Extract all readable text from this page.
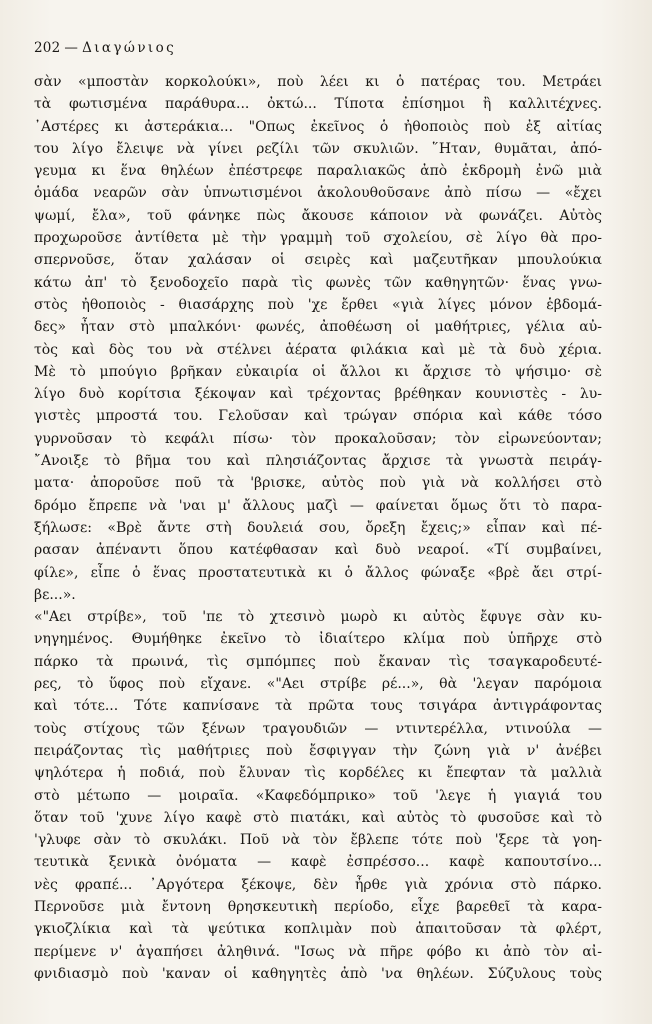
202 — Διαγώνιος
σὰν «μποστὰν κορκολούκι», ποὺ λέει κι ὁ πατέρας του. Μετράει
τὰ φωτισμένα παράθυρα... ὀκτώ... Τίποτα ἐπίσημοι ἢ καλλιτέχνες.
᾿Αστέρες κι ἀστεράκια... "Οπως ἐκεῖνος ὁ ἠθοποιὸς ποὺ ἐξ αἰτίας
του λίγο ἔλειψε νὰ γίνει ρεζίλι τῶν σκυλιῶν. ῞Ηταν, θυμᾶται, ἀπό-
γευμα κι ἕνα θηλέων ἐπέστρεφε παραλιακῶς ἀπὸ ἐκδρομὴ ἐνῶ μιὰ
ὁμάδα νεαρῶν σὰν ὑπνωτισμένοι ἀκολουθοῦσανε ἀπὸ πίσω — «ἔχει
ψωμί, ἔλα», τοῦ φάνηκε πὼς ἄκουσε κάποιον νὰ φωνάζει. Αὐτὸς
προχωροῦσε ἀντίθετα μὲ τὴν γραμμὴ τοῦ σχολείου, σὲ λίγο θὰ προ-
σπερνοῦσε, ὅταν χαλάσαν οἱ σειρὲς καὶ μαζευτῆκαν μπουλούκια
κάτω ἀπ' τὸ ξενοδοχεῖο παρὰ τὶς φωνὲς τῶν καθηγητῶν· ἕνας γνω-
στὸς ἠθοποιὸς - θιασάρχης ποὺ 'χε ἔρθει «γιὰ λίγες μόνον ἑβδομά-
δες» ἦταν στὸ μπαλκόνι· φωνές, ἀποθέωση οἱ μαθήτριες, γέλια αὐ-
τὸς καὶ δὸς του νὰ στέλνει ἀέρατα φιλάκια καὶ μὲ τὰ δυὸ χέρια.
Μὲ τὸ μπούγιο βρῆκαν εὐκαιρία οἱ ἄλλοι κι ἄρχισε τὸ ψήσιμο· σὲ
λίγο δυὸ κορίτσια ξέκοψαν καὶ τρέχοντας βρέθηκαν κουνιστὲς - λυ-
γιστὲς μπροστά του. Γελοῦσαν καὶ τρώγαν σπόρια καὶ κάθε τόσο
γυρνοῦσαν τὸ κεφάλι πίσω· τὸν προκαλοῦσαν; τὸν εἰρωνεύονταν;
῎Ανοιξε τὸ βῆμα του καὶ πλησιάζοντας ἄρχισε τὰ γνωστὰ πειράγ-
ματα· ἀποροῦσε ποῦ τὰ 'βρισκε, αὐτὸς ποὺ γιὰ νὰ κολλήσει στὸ
δρόμο ἔπρεπε νὰ 'ναι μ' ἄλλους μαζὶ — φαίνεται ὅμως ὅτι τὸ παρα-
ξήλωσε: «Βρὲ ἄντε στὴ δουλειά σου, ὄρεξη ἔχεις;» εἶπαν καὶ πέ-
ρασαν ἀπέναντι ὅπου κατέφθασαν καὶ δυὸ νεαροί. «Τί συμβαίνει,
φίλε», εἶπε ὁ ἕνας προστατευτικὰ κι ὁ ἄλλος φώναξε «βρὲ ἄει στρί-
βε...».
«"Αει στρίβε», τοῦ 'πε τὸ χτεσινὸ μωρὸ κι αὐτὸς ἔφυγε σὰν κυ-
νηγημένος. Θυμήθηκε ἐκεῖνο τὸ ἰδιαίτερο κλίμα ποὺ ὑπῆρχε στὸ
πάρκο τὰ πρωινά, τὶς σμπόμπες ποὺ ἔκαναν τὶς τσαγκαροδευτέ-
ρες, τὸ ὕφος ποὺ εἴχανε. «"Αει στρίβε ρέ...», θὰ 'λεγαν παρόμοια
καὶ τότε... Τότε καπνίσανε τὰ πρῶτα τους τσιγάρα ἀντιγράφοντας
τοὺς στίχους τῶν ξένων τραγουδιῶν — ντιντερέλλα, ντινούλα —
πειράζοντας τὶς μαθήτριες ποὺ ἔσφιγγαν τὴν ζώνη γιὰ ν' ἀνέβει
ψηλότερα ἡ ποδιά, ποὺ ἔλυναν τὶς κορδέλες κι ἔπεφταν τὰ μαλλιὰ
στὸ μέτωπο — μοιραῖα. «Καφεδόμπρικο» τοῦ 'λεγε ἡ γιαγιά του
ὅταν τοῦ 'χυνε λίγο καφὲ στὸ πιατάκι, καὶ αὐτὸς τὸ φυσοῦσε καὶ τὸ
'γλυφε σὰν τὸ σκυλάκι. Ποῦ νὰ τὸν ἔβλεπε τότε ποὺ 'ξερε τὰ γοη-
τευτικὰ ξενικὰ ὀνόματα — καφὲ ἐσπρέσσο... καφὲ καπουτσίνο...
νὲς φραπέ... ᾿Αργότερα ξέκοψε, δὲν ἦρθε γιὰ χρόνια στὸ πάρκο.
Περνοῦσε μιὰ ἔντονη θρησκευτικὴ περίοδο, εἶχε βαρεθεῖ τὰ καρα-
γκιοζλίκια καὶ τὰ ψεύτικα κοπλιμὰν ποὺ ἀπαιτοῦσαν τὰ φλέρτ,
περίμενε ν' ἀγαπήσει ἀληθινά. "Ισως νὰ πῆρε φόβο κι ἀπὸ τὸν αἰ-
φνιδιασμὸ ποὺ 'καναν οἱ καθηγητὲς ἀπὸ 'να θηλέων. Σύζυλους τοὺς
